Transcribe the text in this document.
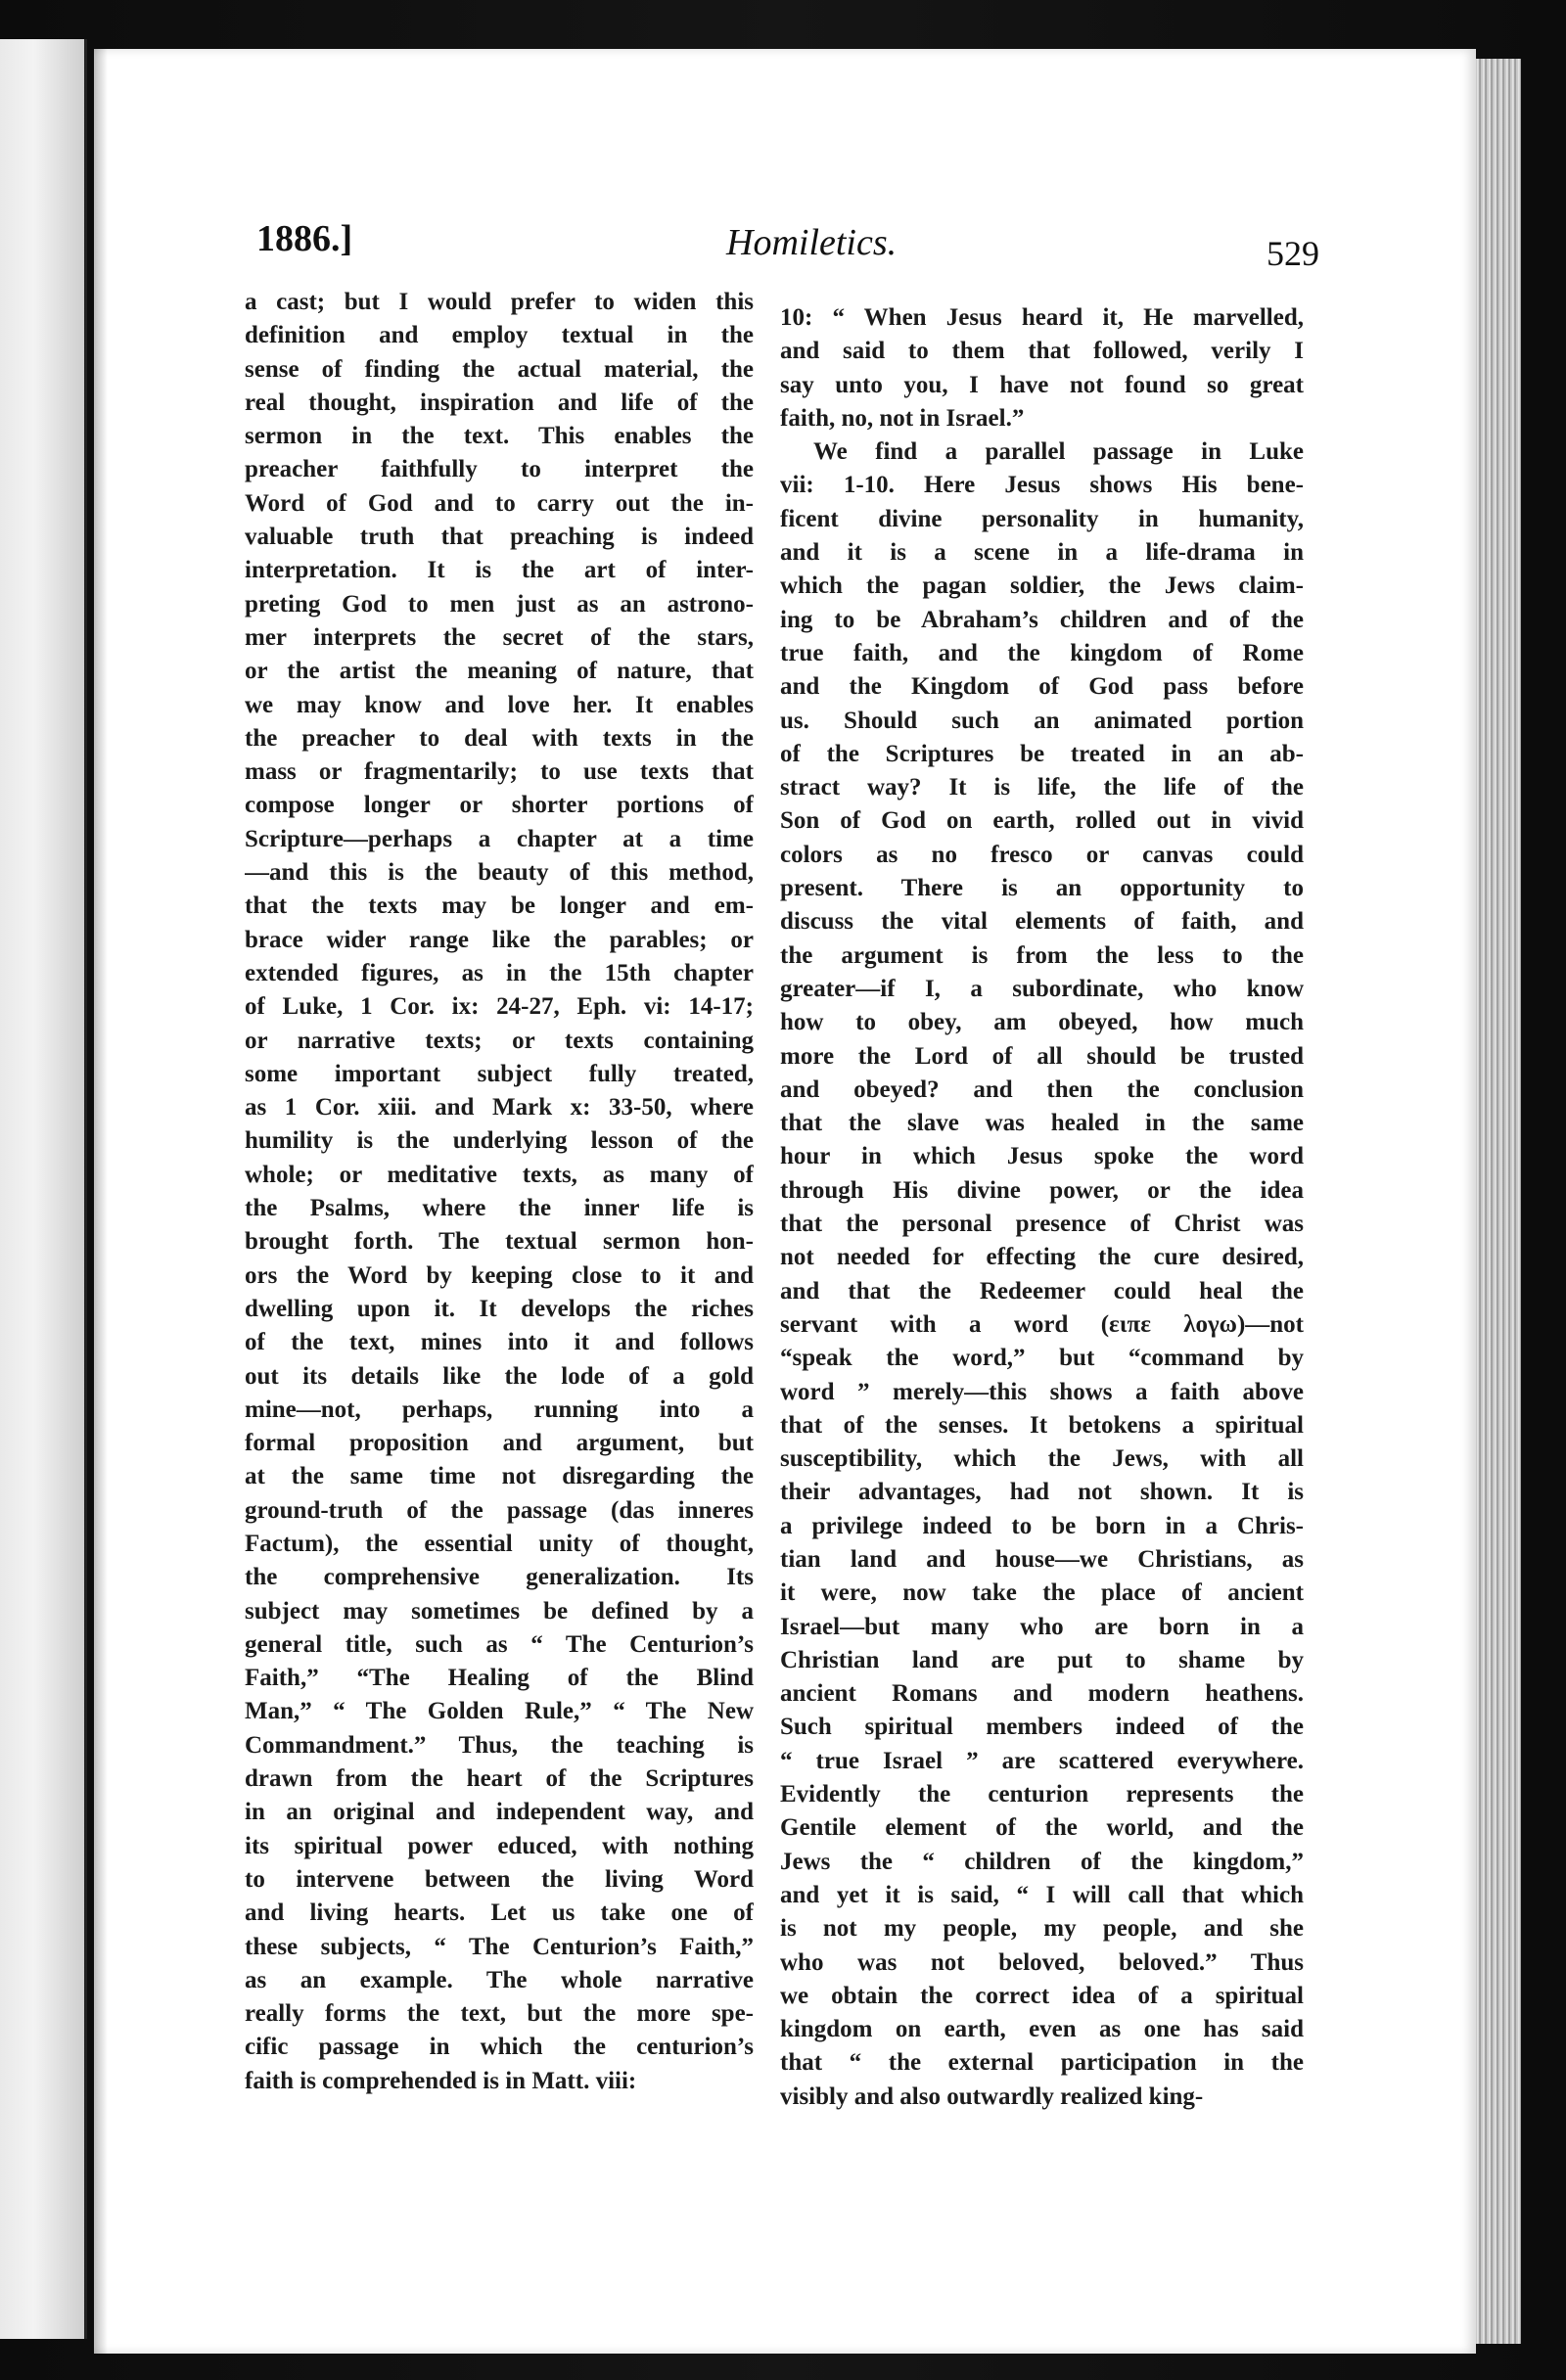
1886.]	Homiletics.	529
a cast; but I would prefer to widen this
definition and employ textual in the
sense of finding the actual material, the
real thought, inspiration and life of the
sermon in the text. This enables the
preacher faithfully to interpret the
Word of God and to carry out the in-
valuable truth that preaching is indeed
interpretation. It is the art of inter-
preting God to men just as an astrono-
mer interprets the secret of the stars,
or the artist the meaning of nature, that
we may know and love her. It enables
the preacher to deal with texts in the
mass or fragmentarily; to use texts that
compose longer or shorter portions of
Scripture—perhaps a chapter at a time
—and this is the beauty of this method,
that the texts may be longer and em-
brace wider range like the parables; or
extended figures, as in the 15th chapter
of Luke, 1 Cor. ix: 24-27, Eph. vi: 14-17;
or narrative texts; or texts containing
some important subject fully treated,
as 1 Cor. xiii. and Mark x: 33-50, where
humility is the underlying lesson of the
whole; or meditative texts, as many of
the Psalms, where the inner life is
brought forth. The textual sermon hon-
ors the Word by keeping close to it and
dwelling upon it. It develops the riches
of the text, mines into it and follows
out its details like the lode of a gold
mine—not, perhaps, running into a
formal proposition and argument, but
at the same time not disregarding the
ground-truth of the passage (das inneres
Factum), the essential unity of thought,
the comprehensive generalization. Its
subject may sometimes be defined by a
general title, such as “ The Centurion’s
Faith,” “The Healing of the Blind
Man,” “ The Golden Rule,” “ The New
Commandment.” Thus, the teaching is
drawn from the heart of the Scriptures
in an original and independent way, and
its spiritual power educed, with nothing
to intervene between the living Word
and living hearts. Let us take one of
these subjects, “ The Centurion’s Faith,”
as an example. The whole narrative
really forms the text, but the more spe-
cific passage in which the centurion’s
faith is comprehended is in Matt. viii:
10: “ When Jesus heard it, He marvelled,
and said to them that followed, verily I
say unto you, I have not found so great
faith, no, not in Israel.”
We find a parallel passage in Luke
vii: 1-10. Here Jesus shows His bene-
ficent divine personality in humanity,
and it is a scene in a life-drama in
which the pagan soldier, the Jews claim-
ing to be Abraham’s children and of the
true faith, and the kingdom of Rome
and the Kingdom of God pass before
us. Should such an animated portion
of the Scriptures be treated in an ab-
stract way? It is life, the life of the
Son of God on earth, rolled out in vivid
colors as no fresco or canvas could
present. There is an opportunity to
discuss the vital elements of faith, and
the argument is from the less to the
greater—if I, a subordinate, who know
how to obey, am obeyed, how much
more the Lord of all should be trusted
and obeyed? and then the conclusion
that the slave was healed in the same
hour in which Jesus spoke the word
through His divine power, or the idea
that the personal presence of Christ was
not needed for effecting the cure desired,
and that the Redeemer could heal the
servant with a word (ειπε λογω)—not
“speak the word,” but “command by
word ” merely—this shows a faith above
that of the senses. It betokens a spiritual
susceptibility, which the Jews, with all
their advantages, had not shown. It is
a privilege indeed to be born in a Chris-
tian land and house—we Christians, as
it were, now take the place of ancient
Israel—but many who are born in a
Christian land are put to shame by
ancient Romans and modern heathens.
Such spiritual members indeed of the
“ true Israel ” are scattered everywhere.
Evidently the centurion represents the
Gentile element of the world, and the
Jews the “ children of the kingdom,”
and yet it is said, “ I will call that which
is not my people, my people, and she
who was not beloved, beloved.” Thus
we obtain the correct idea of a spiritual
kingdom on earth, even as one has said
that “ the external participation in the
visibly and also outwardly realized king-
